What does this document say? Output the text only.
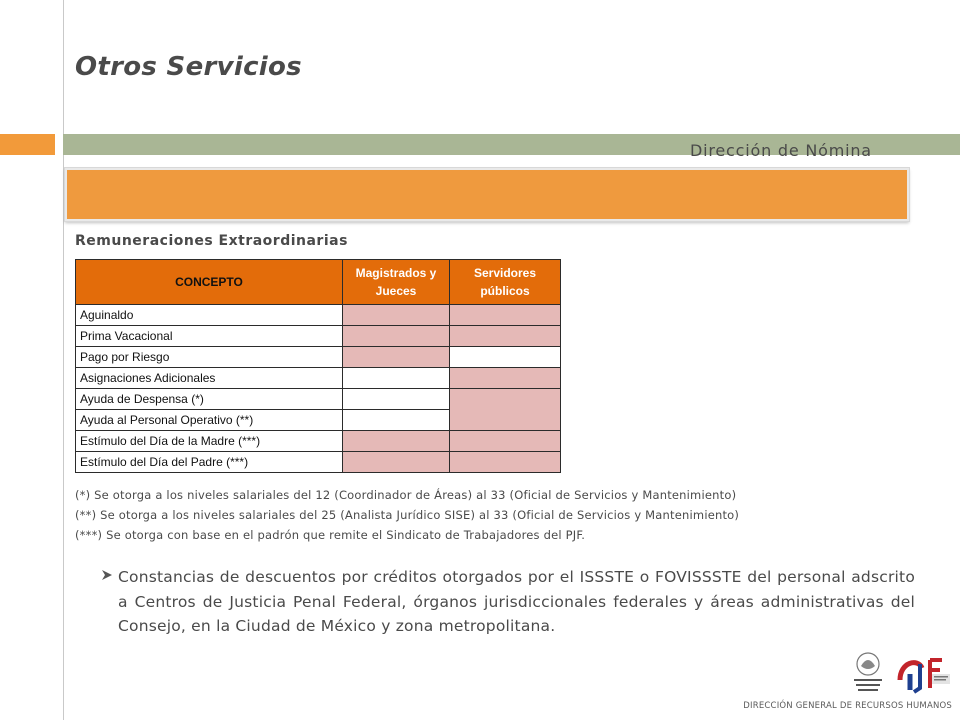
Otros Servicios
Dirección de Nómina
Remuneraciones Extraordinarias
CONCEPTO	Magistrados y Jueces	Servidores públicos
Aguinaldo		
Prima Vacacional		
Pago por Riesgo		
Asignaciones Adicionales		
Ayuda de Despensa (*)		
Ayuda al Personal Operativo (**)		
Estímulo del Día de la Madre (***)		
Estímulo del Día del Padre (***)		
(*) Se otorga a los niveles salariales del 12 (Coordinador de Áreas) al 33 (Oficial de Servicios y Mantenimiento)
(**) Se otorga a los niveles salariales del 25 (Analista Jurídico SISE) al 33 (Oficial de Servicios y Mantenimiento)
(***) Se otorga con base en el padrón que remite el Sindicato de Trabajadores del PJF.
Constancias de descuentos por créditos otorgados por el ISSSTE o FOVISSSTE del personal adscrito a Centros de Justicia Penal Federal, órganos jurisdiccionales federales y áreas administrativas del Consejo, en la Ciudad de México y zona metropolitana.
DIRECCIÓN GENERAL DE RECURSOS HUMANOS
